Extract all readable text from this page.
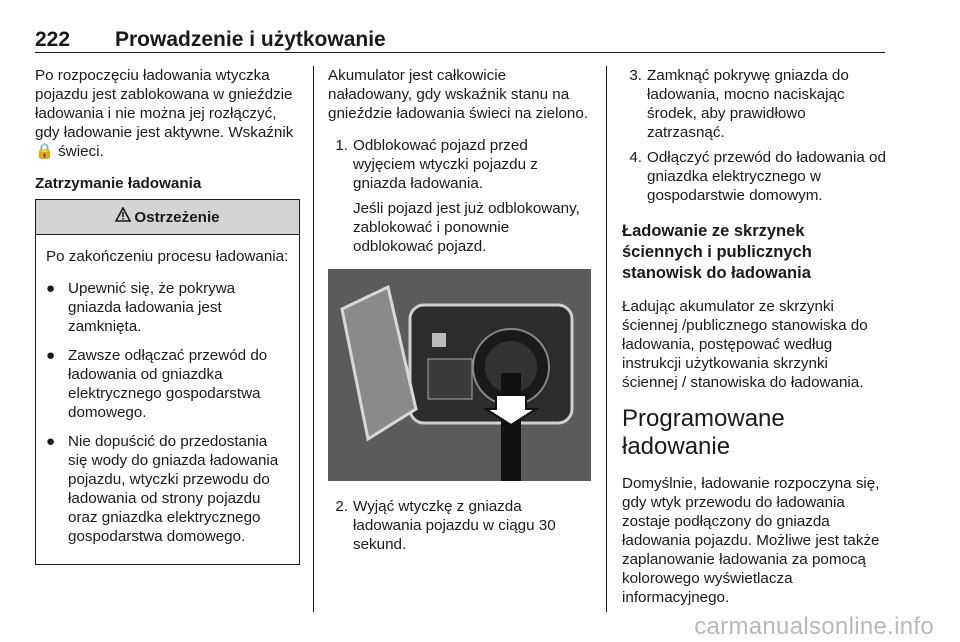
222 Prowadzenie i użytkowanie

Po rozpoczęciu ładowania wtyczka pojazdu jest zablokowana w gnieździe ładowania i nie można jej rozłączyć, gdy ładowanie jest aktywne. Wskaźnik 🔒 świeci.

Zatrzymanie ładowania

Ostrzeżenie

Po zakończeniu procesu ładowania:

● Upewnić się, że pokrywa gniazda ładowania jest zamknięta.
● Zawsze odłączać przewód do ładowania od gniazdka elektrycznego gospodarstwa domowego.
● Nie dopuścić do przedostania się wody do gniazda ładowania pojazdu, wtyczki przewodu do ładowania od strony pojazdu oraz gniazdka elektrycznego gospodarstwa domowego.

Akumulator jest całkowicie naładowany, gdy wskaźnik stanu na gnieździe ładowania świeci na zielono.

1. Odblokować pojazd przed wyjęciem wtyczki pojazdu z gniazda ładowania.

Jeśli pojazd jest już odblokowany, zablokować i ponownie odblokować pojazd.

2. Wyjąć wtyczkę z gniazda ładowania pojazdu w ciągu 30 sekund.
3. Zamknąć pokrywę gniazda do ładowania, mocno naciskając środek, aby prawidłowo zatrzasnąć.
4. Odłączyć przewód do ładowania od gniazdka elektrycznego w gospodarstwie domowym.

Ładowanie ze skrzynek ściennych i publicznych stanowisk do ładowania

Ładując akumulator ze skrzynki ściennej /publicznego stanowiska do ładowania, postępować według instrukcji użytkowania skrzynki ściennej / stanowiska do ładowania.

Programowane ładowanie

Domyślnie, ładowanie rozpoczyna się, gdy wtyk przewodu do ładowania zostaje podłączony do gniazda ładowania pojazdu. Możliwe jest także zaplanowanie ładowania za pomocą kolorowego wyświetlacza informacyjnego.

carmanualsonline.info
